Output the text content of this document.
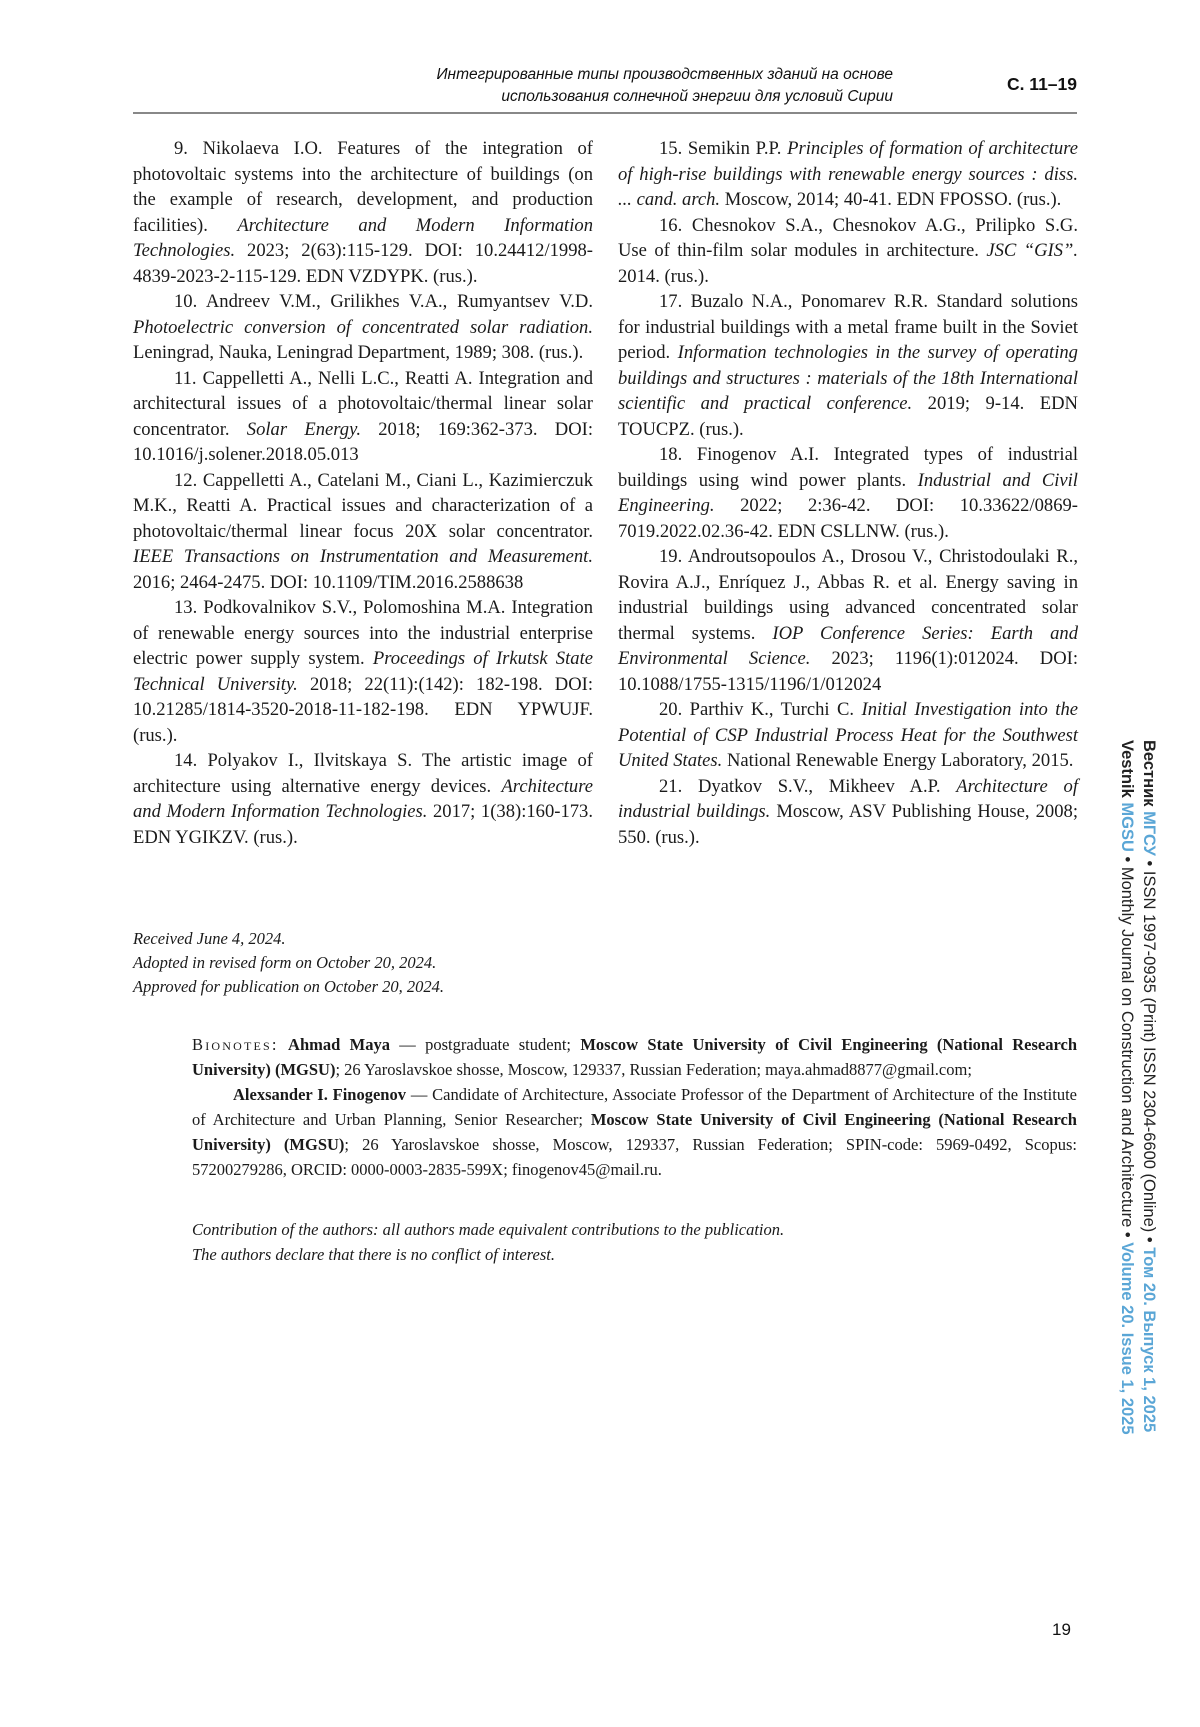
Интегрированные типы производственных зданий на основе
использования солнечной энергии для условий Сирии
С. 11–19

9. Nikolaeva I.O. Features of the integration of photovoltaic systems into the architecture of buildings (on the example of research, development, and production facilities). Architecture and Modern Information Technologies. 2023; 2(63):115-129. DOI: 10.24412/1998-4839-2023-2-115-129. EDN VZDYPK. (rus.).

10. Andreev V.M., Grilikhes V.A., Rumyantsev V.D. Photoelectric conversion of concentrated solar radiation. Leningrad, Nauka, Leningrad Department, 1989; 308. (rus.).

11. Cappelletti A., Nelli L.C., Reatti A. Integration and architectural issues of a photovoltaic/thermal linear solar concentrator. Solar Energy. 2018; 169:362-373. DOI: 10.1016/j.solener.2018.05.013

12. Cappelletti A., Catelani M., Ciani L., Kazimierczuk M.K., Reatti A. Practical issues and characterization of a photovoltaic/thermal linear focus 20X solar concentrator. IEEE Transactions on Instrumentation and Measurement. 2016; 2464-2475. DOI: 10.1109/TIM.2016.2588638

13. Podkovalnikov S.V., Polomoshina M.A. Integration of renewable energy sources into the industrial enterprise electric power supply system. Proceedings of Irkutsk State Technical University. 2018; 22(11):(142): 182-198. DOI: 10.21285/1814-3520-2018-11-182-198. EDN YPWUJF. (rus.).

14. Polyakov I., Ilvitskaya S. The artistic image of architecture using alternative energy devices. Architecture and Modern Information Technologies. 2017; 1(38):160-173. EDN YGIKZV. (rus.).

15. Semikin P.P. Principles of formation of architecture of high-rise buildings with renewable energy sources : diss. ... cand. arch. Moscow, 2014; 40-41. EDN FPOSSO. (rus.).

16. Chesnokov S.A., Chesnokov A.G., Prilipko S.G. Use of thin-film solar modules in architecture. JSC “GIS”. 2014. (rus.).

17. Buzalo N.A., Ponomarev R.R. Standard solutions for industrial buildings with a metal frame built in the Soviet period. Information technologies in the survey of operating buildings and structures : materials of the 18th International scientific and practical conference. 2019; 9-14. EDN TOUCPZ. (rus.).

18. Finogenov A.I. Integrated types of industrial buildings using wind power plants. Industrial and Civil Engineering. 2022; 2:36-42. DOI: 10.33622/0869-7019.2022.02.36-42. EDN CSLLNW. (rus.).

19. Androutsopoulos A., Drosou V., Christodoulaki R., Rovira A.J., Enríquez J., Abbas R. et al. Energy saving in industrial buildings using advanced concentrated solar thermal systems. IOP Conference Series: Earth and Environmental Science. 2023; 1196(1):012024. DOI: 10.1088/1755-1315/1196/1/012024

20. Parthiv K., Turchi C. Initial Investigation into the Potential of CSP Industrial Process Heat for the Southwest United States. National Renewable Energy Laboratory, 2015.

21. Dyatkov S.V., Mikheev A.P. Architecture of industrial buildings. Moscow, ASV Publishing House, 2008; 550. (rus.).

Received June 4, 2024.
Adopted in revised form on October 20, 2024.
Approved for publication on October 20, 2024.

Bionotes: Ahmad Maya — postgraduate student; Moscow State University of Civil Engineering (National Research University) (MGSU); 26 Yaroslavskoe shosse, Moscow, 129337, Russian Federation; maya.ahmad8877@gmail.com;

Alexsander I. Finogenov — Candidate of Architecture, Associate Professor of the Department of Architecture of the Institute of Architecture and Urban Planning, Senior Researcher; Moscow State University of Civil Engineering (National Research University) (MGSU); 26 Yaroslavskoe shosse, Moscow, 129337, Russian Federation; SPIN-code: 5969-0492, Scopus: 57200279286, ORCID: 0000-0003-2835-599X; finogenov45@mail.ru.

Contribution of the authors: all authors made equivalent contributions to the publication.
The authors declare that there is no conflict of interest.
Вестник МГСУ • ISSN 1997-0935 (Print) ISSN 2304-6600 (Online) • Том 20. Выпуск 1, 2025
Vestnik MGSU • Monthly Journal on Construction and Architecture • Volume 20. Issue 1, 2025
19
